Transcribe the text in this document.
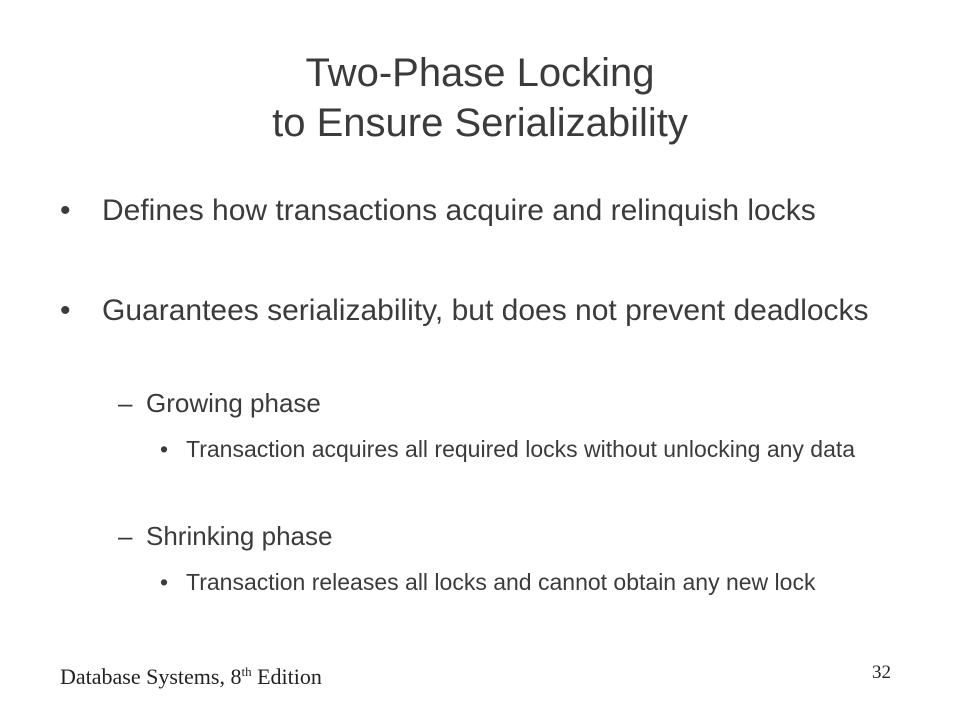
Two-Phase Locking
to Ensure Serializability
•	Defines how transactions acquire and relinquish locks
•	Guarantees serializability, but does not prevent deadlocks
– Growing phase
• Transaction acquires all required locks without unlocking any data
– Shrinking phase
• Transaction releases all locks and cannot obtain any new lock
Database Systems, 8th Edition	32
